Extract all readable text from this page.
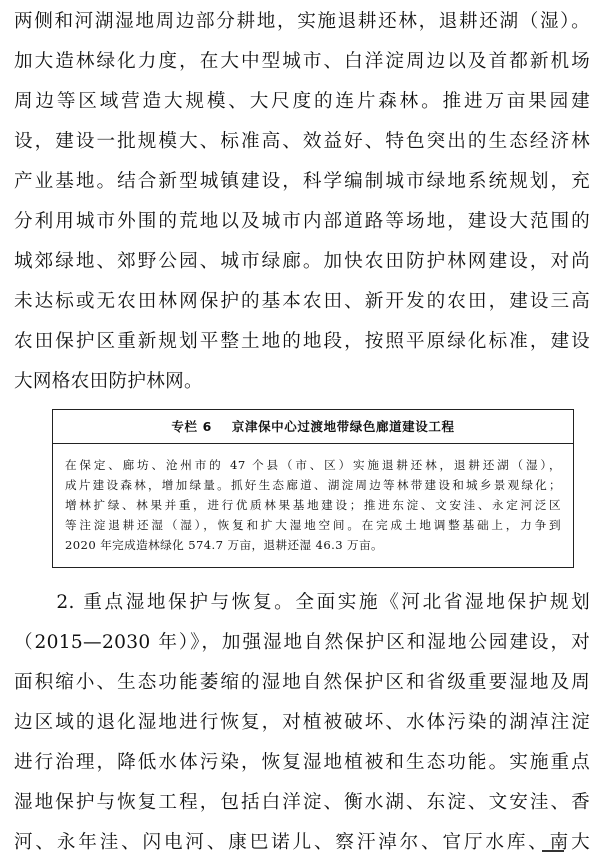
两侧和河湖湿地周边部分耕地，实施退耕还林，退耕还湖（湿）。
加大造林绿化力度，在大中型城市、白洋淀周边以及首都新机场
周边等区域营造大规模、大尺度的连片森林。推进万亩果园建
设，建设一批规模大、标准高、效益好、特色突出的生态经济林
产业基地。结合新型城镇建设，科学编制城市绿地系统规划，充
分利用城市外围的荒地以及城市内部道路等场地，建设大范围的
城郊绿地、郊野公园、城市绿廊。加快农田防护林网建设，对尚
未达标或无农田林网保护的基本农田、新开发的农田，建设三高
农田保护区重新规划平整土地的地段，按照平原绿化标准，建设
大网格农田防护林网。
专栏 6 京津保中心过渡地带绿色廊道建设工程
在保定、廊坊、沧州市的 47 个县（市、区）实施退耕还林，退耕还湖（湿），
成片建设森林，增加绿量。抓好生态廊道、湖淀周边等林带建设和城乡景观绿化；
增林扩绿、林果并重，进行优质林果基地建设；推进东淀、文安洼、永定河泛区
等注淀退耕还湿（湿），恢复和扩大湿地空间。在完成土地调整基础上，力争到
2020 年完成造林绿化 574.7 万亩，退耕还湿 46.3 万亩。
　　2. 重点湿地保护与恢复。全面实施《河北省湿地保护规划
（2015—2030 年）》，加强湿地自然保护区和湿地公园建设，对
面积缩小、生态功能萎缩的湿地自然保护区和省级重要湿地及周
边区域的退化湿地进行恢复，对植被破坏、水体污染的湖淖注淀
进行治理，降低水体污染，恢复湿地植被和生态功能。实施重点
湿地保护与恢复工程，包括白洋淀、衡水湖、东淀、文安洼、香
河、永年洼、闪电河、康巴诺儿、察汗淖尔、官厅水库、南大
